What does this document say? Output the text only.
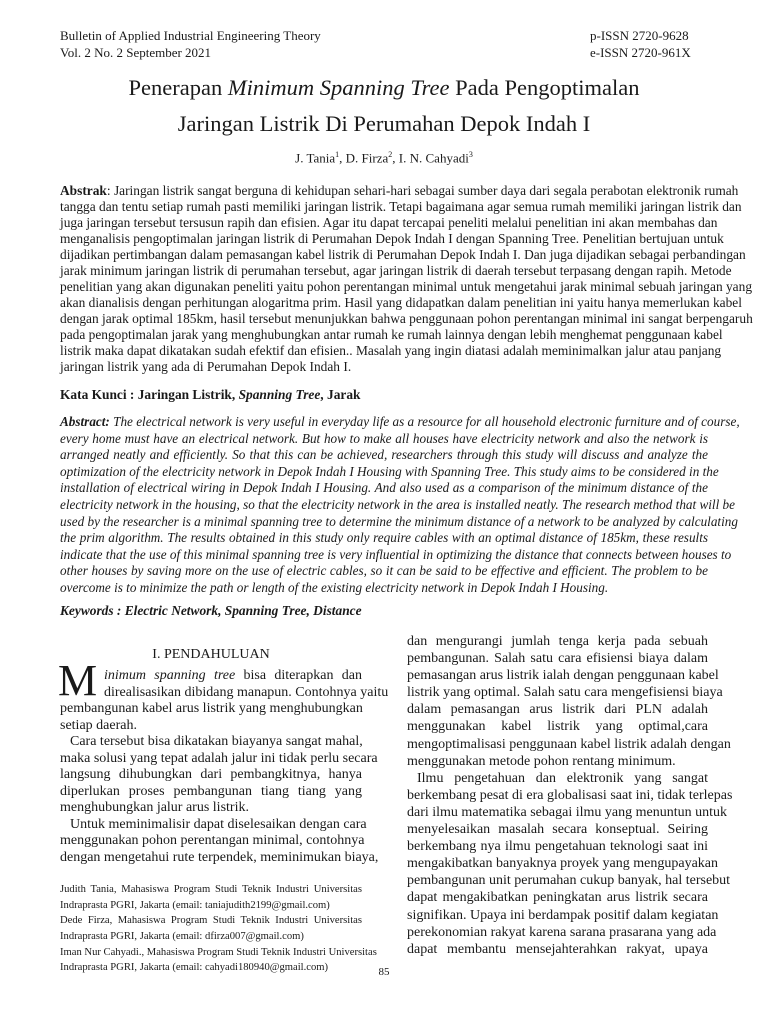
Bulletin of Applied Industrial Engineering Theory
Vol. 2 No. 2 September 2021
p-ISSN 2720-9628
e-ISSN 2720-961X
Penerapan Minimum Spanning Tree Pada Pengoptimalan
Jaringan Listrik Di Perumahan Depok Indah I
J. Tania$^1$, D. Firza$^2$, I. N. Cahyadi$^3$
Abstrak: Jaringan listrik sangat berguna di kehidupan sehari-hari sebagai sumber daya dari segala perabotan elektronik rumah
tangga dan tentu setiap rumah pasti memiliki jaringan listrik. Tetapi bagaimana agar semua rumah memiliki jaringan listrik dan
juga jaringan tersebut tersusun rapih dan efisien. Agar itu dapat tercapai peneliti melalui penelitian ini akan membahas dan
menganalisis pengoptimalan jaringan listrik di Perumahan Depok Indah I dengan Spanning Tree. Penelitian bertujuan untuk
dijadikan pertimbangan dalam pemasangan kabel listrik di Perumahan Depok Indah I. Dan juga dijadikan sebagai perbandingan
jarak minimum jaringan listrik di perumahan tersebut, agar jaringan listrik di daerah tersebut terpasang dengan rapih. Metode
penelitian yang akan digunakan peneliti yaitu pohon perentangan minimal untuk mengetahui jarak minimal sebuah jaringan yang
akan dianalisis dengan perhitungan alogaritma prim. Hasil yang didapatkan dalam penelitian ini yaitu hanya memerlukan kabel
dengan jarak optimal 185km, hasil tersebut menunjukkan bahwa penggunaan pohon perentangan minimal ini sangat berpengaruh
pada pengoptimalan jarak yang menghubungkan antar rumah ke rumah lainnya dengan lebih menghemat penggunaan kabel
listrik maka dapat dikatakan sudah efektif dan efisien.. Masalah yang ingin diatasi adalah meminimalkan jalur atau panjang
jaringan listrik yang ada di Perumahan Depok Indah I.
Kata Kunci : Jaringan Listrik, Spanning Tree, Jarak
Abstract: The electrical network is very useful in everyday life as a resource for all household electronic furniture and of course,
every home must have an electrical network. But how to make all houses have electricity network and also the network is
arranged neatly and efficiently. So that this can be achieved, researchers through this study will discuss and analyze the
optimization of the electricity network in Depok Indah I Housing with Spanning Tree. This study aims to be considered in the
installation of electrical wiring in Depok Indah I Housing. And also used as a comparison of the minimum distance of the
electricity network in the housing, so that the electricity network in the area is installed neatly. The research method that will be
used by the researcher is a minimal spanning tree to determine the minimum distance of a network to be analyzed by calculating
the prim algorithm. The results obtained in this study only require cables with an optimal distance of 185km, these results
indicate that the use of this minimal spanning tree is very influential in optimizing the distance that connects between houses to
other houses by saving more on the use of electric cables, so it can be said to be effective and efficient. The problem to be
overcome is to minimize the path or length of the existing electricity network in Depok Indah I Housing.
Keywords : Electric Network, Spanning Tree, Distance
I. PENDAHULUAN
M inimum spanning tree bisa diterapkan dan
direalisasikan dibidang manapun. Contohnya yaitu
pembangunan kabel arus listrik yang menghubungkan
setiap daerah.
Cara tersebut bisa dikatakan biayanya sangat mahal,
maka solusi yang tepat adalah jalur ini tidak perlu secara
langsung dihubungkan dari pembangkitnya, hanya
diperlukan proses pembangunan tiang tiang yang
menghubungkan jalur arus listrik.
Untuk meminimalisir dapat diselesaikan dengan cara
menggunakan pohon perentangan minimal, contohnya
dengan mengetahui rute terpendek, meminimukan biaya,
Judith Tania, Mahasiswa Program Studi Teknik Industri Universitas
Indraprasta PGRI, Jakarta (email: taniajudith2199@gmail.com)
Dede Firza, Mahasiswa Program Studi Teknik Industri Universitas
Indraprasta PGRI, Jakarta (email: dfirza007@gmail.com)
Iman Nur Cahyadi., Mahasiswa Program Studi Teknik Industri Universitas
Indraprasta PGRI, Jakarta (email: cahyadi180940@gmail.com)
dan mengurangi jumlah tenga kerja pada sebuah
pembangunan. Salah satu cara efisiensi biaya dalam
pemasangan arus listrik ialah dengan penggunaan kabel
listrik yang optimal. Salah satu cara mengefisiensi biaya
dalam pemasangan arus listrik dari PLN adalah
menggunakan kabel listrik yang optimal,cara
mengoptimalisasi penggunaan kabel listrik adalah dengan
menggunakan metode pohon rentang minimum.
Ilmu pengetahuan dan elektronik yang sangat
berkembang pesat di era globalisasi saat ini, tidak terlepas
dari ilmu matematika sebagai ilmu yang menuntun untuk
menyelesaikan masalah secara konseptual. Seiring
berkembang nya ilmu pengetahuan teknologi saat ini
mengakibatkan banyaknya proyek yang mengupayakan
pembangunan unit perumahan cukup banyak, hal tersebut
dapat mengakibatkan peningkatan arus listrik secara
signifikan. Upaya ini berdampak positif dalam kegiatan
perekonomian rakyat karena sarana prasarana yang ada
dapat membantu mensejahterahkan rakyat, upaya
85
